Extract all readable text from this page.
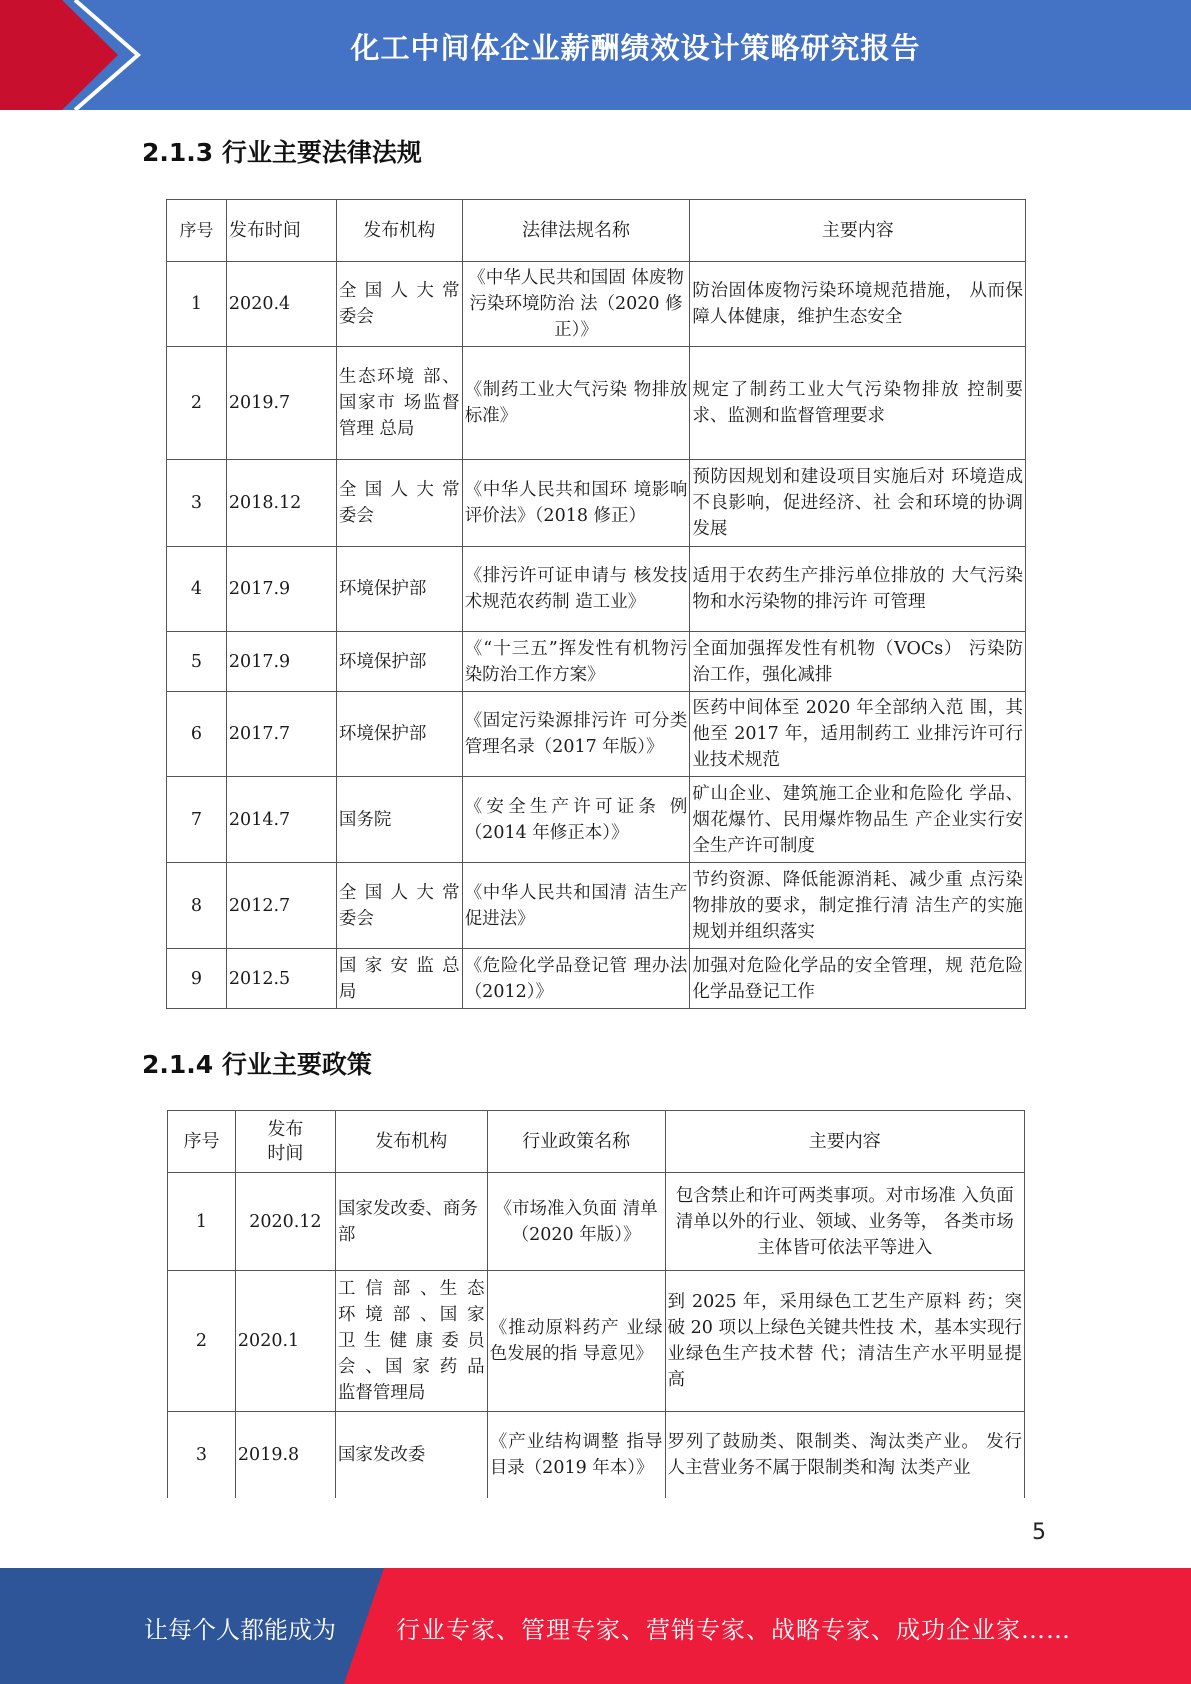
化工中间体企业薪酬绩效设计策略研究报告
2.1.3 行业主要法律法规
序号	发布时间	发布机构	法律法规名称	主要内容
1	2020.4	全 国 人 大 常 委会	《中华人民共和国固 体废物污染环境防治 法（2020 修正）》	防治固体废物污染环境规范措施， 从而保障人体健康，维护生态安全
2	2019.7	生态环境 部、国家市 场监督管理 总局	《制药工业大气污染 物排放标准》	规定了制药工业大气污染物排放 控制要求、监测和监督管理要求
3	2018.12	全 国 人 大 常 委会	《中华人民共和国环 境影响评价法》（2018 修正）	预防因规划和建设项目实施后对 环境造成不良影响，促进经济、社 会和环境的协调发展
4	2017.9	环境保护部	《排污许可证申请与 核发技术规范农药制 造工业》	适用于农药生产排污单位排放的 大气污染物和水污染物的排污许 可管理
5	2017.9	环境保护部	《“十三五”挥发性有机物污染防治工作方案》	全面加强挥发性有机物（VOCs） 污染防治工作，强化减排
6	2017.7	环境保护部	《固定污染源排污许 可分类管理名录（2017 年版）》	医药中间体至 2020 年全部纳入范 围，其他至 2017 年，适用制药工 业排污许可行业技术规范
7	2014.7	国务院	《安全生产许可证条 例（2014 年修正本）》	矿山企业、建筑施工企业和危险化 学品、烟花爆竹、民用爆炸物品生 产企业实行安全生产许可制度
8	2012.7	全 国 人 大 常 委会	《中华人民共和国清 洁生产促进法》	节约资源、降低能源消耗、减少重 点污染物排放的要求，制定推行清 洁生产的实施规划并组织落实
9	2012.5	国 家 安 监 总 局	《危险化学品登记管 理办法（2012）》	加强对危险化学品的安全管理，规 范危险化学品登记工作
2.1.4 行业主要政策
序号	发布时间	发布机构	行业政策名称	主要内容
1	2020.12	国家发改委、商务部	《市场准入负面 清单（2020 年版）》	包含禁止和许可两类事项。对市场准 入负面清单以外的行业、领域、业务等， 各类市场主体皆可依法平等进入
2	2020.1	工 信 部 、生 态 环 境 部 、国 家 卫 生 健 康 委 员 会 、国 家 药 品 监督管理局	《推动原料药产 业绿色发展的指 导意见》	到 2025 年，采用绿色工艺生产原料 药；突破 20 项以上绿色关键共性技 术，基本实现行业绿色生产技术替 代；清洁生产水平明显提高
3	2019.8	国家发改委	《产业结构调整 指导目录（2019 年本）》	罗列了鼓励类、限制类、淘汰类产业。 发行人主营业务不属于限制类和淘 汰类产业
5
让每个人都能成为	行业专家、管理专家、营销专家、战略专家、成功企业家……
